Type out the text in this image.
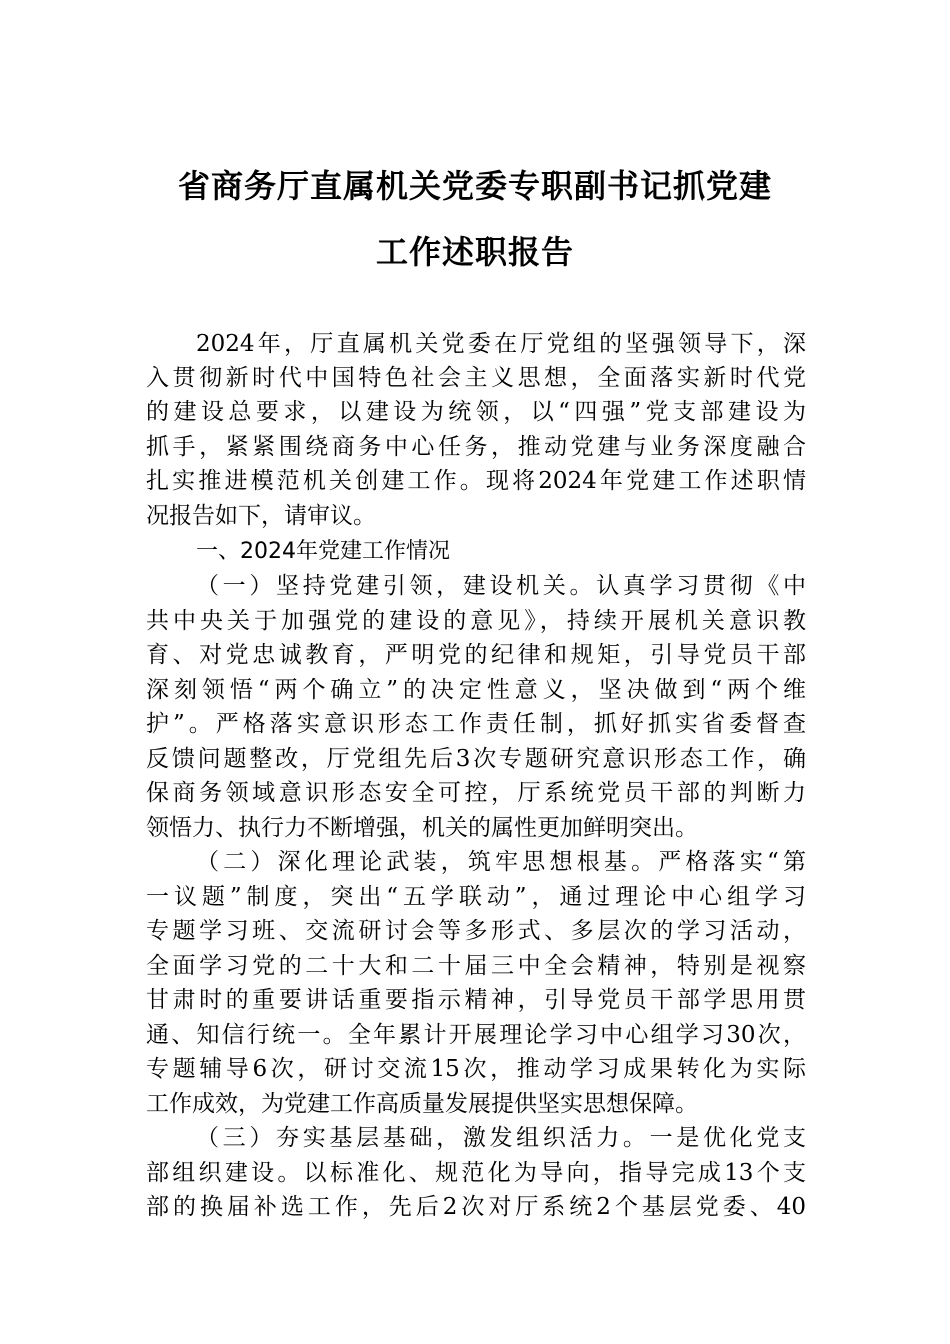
省商务厅直属机关党委专职副书记抓党建
工作述职报告
2024年，厅直属机关党委在厅党组的坚强领导下，深
入贯彻新时代中国特色社会主义思想，全面落实新时代党
的建设总要求，以建设为统领，以“四强”党支部建设为
抓手，紧紧围绕商务中心任务，推动党建与业务深度融合
扎实推进模范机关创建工作。现将2024年党建工作述职情
况报告如下，请审议。
一、2024年党建工作情况
（一）坚持党建引领，建设机关。认真学习贯彻《中
共中央关于加强党的建设的意见》，持续开展机关意识教
育、对党忠诚教育，严明党的纪律和规矩，引导党员干部
深刻领悟“两个确立”的决定性意义，坚决做到“两个维
护”。严格落实意识形态工作责任制，抓好抓实省委督查
反馈问题整改，厅党组先后3次专题研究意识形态工作，确
保商务领域意识形态安全可控，厅系统党员干部的判断力
领悟力、执行力不断增强，机关的属性更加鲜明突出。
（二）深化理论武装，筑牢思想根基。严格落实“第
一议题”制度，突出“五学联动”，通过理论中心组学习
专题学习班、交流研讨会等多形式、多层次的学习活动，
全面学习党的二十大和二十届三中全会精神，特别是视察
甘肃时的重要讲话重要指示精神，引导党员干部学思用贯
通、知信行统一。全年累计开展理论学习中心组学习30次，
专题辅导6次，研讨交流15次，推动学习成果转化为实际
工作成效，为党建工作高质量发展提供坚实思想保障。
（三）夯实基层基础，激发组织活力。一是优化党支
部组织建设。以标准化、规范化为导向，指导完成13个支
部的换届补选工作，先后2次对厅系统2个基层党委、40
